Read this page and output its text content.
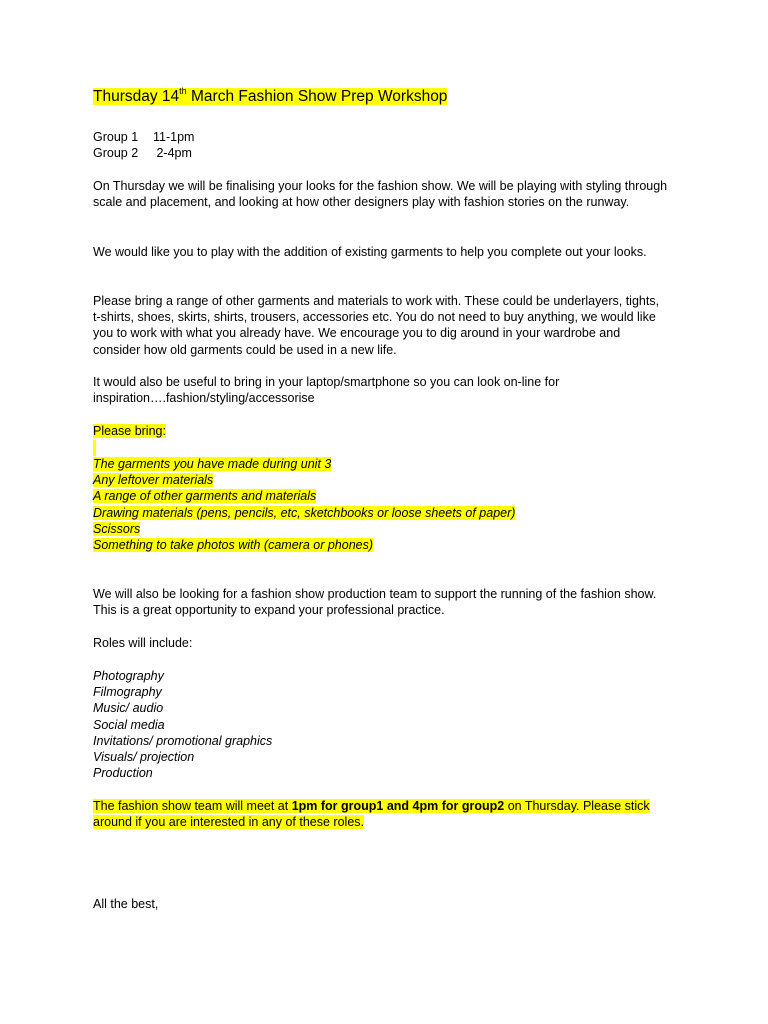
Thursday 14th March Fashion Show Prep Workshop
Group 1	11-1pm
Group 2	2-4pm
On Thursday we will be finalising your looks for the fashion show. We will be playing with styling through scale and placement, and looking at how other designers play with fashion stories on the runway.
We would like you to play with the addition of existing garments to help you complete out your looks.
Please bring a range of other garments and materials to work with. These could be underlayers, tights, t-shirts, shoes, skirts, shirts, trousers, accessories etc. You do not need to buy anything, we would like you to work with what you already have. We encourage you to dig around in your wardrobe and consider how old garments could be used in a new life.
It would also be useful to bring in your laptop/smartphone so you can look on-line for inspiration….fashion/styling/accessorise
Please bring:
The garments you have made during unit 3
Any leftover materials
A range of other garments and materials
Drawing materials (pens, pencils, etc, sketchbooks or loose sheets of paper)
Scissors
Something to take photos with (camera or phones)
We will also be looking for a fashion show production team to support the running of the fashion show. This is a great opportunity to expand your professional practice.
Roles will include:
Photography
Filmography
Music/ audio
Social media
Invitations/ promotional graphics
Visuals/ projection
Production
The fashion show team will meet at 1pm for group1 and 4pm for group2 on Thursday. Please stick
around if you are interested in any of these roles.
All the best,
